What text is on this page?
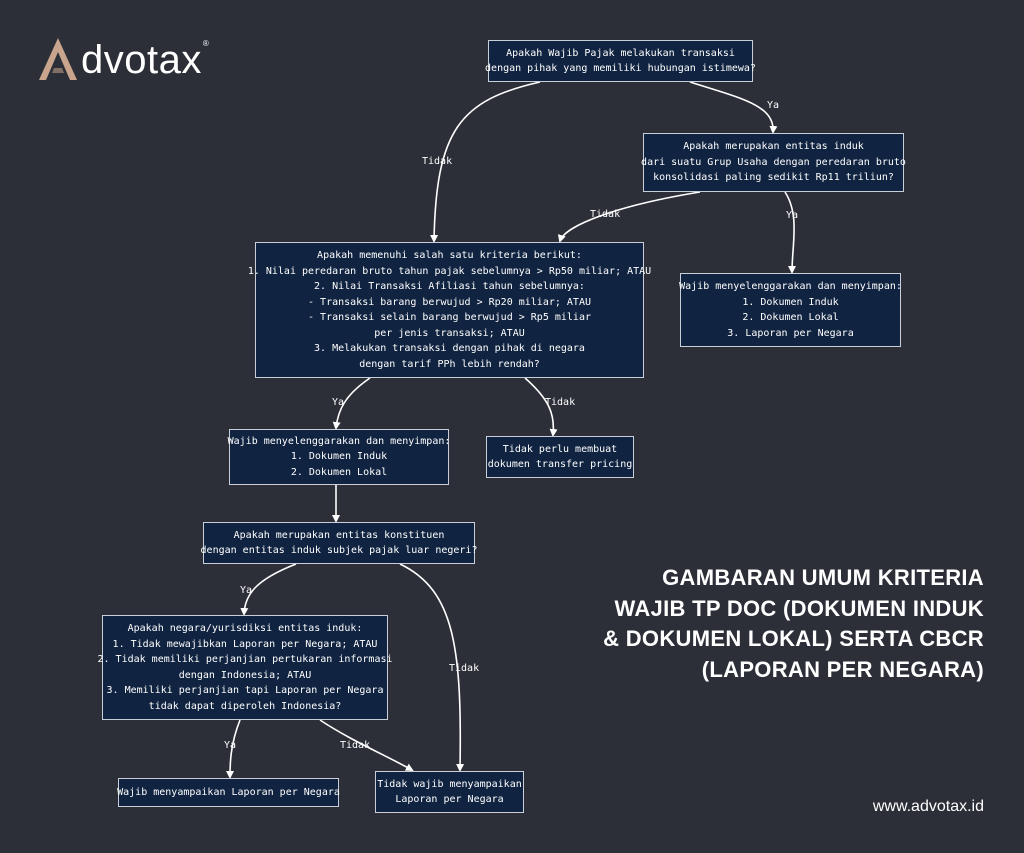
dvotax ®
Ya
Tidak
Tidak	Ya
Ya	Tidak
Ya
Tidak
Ya	Tidak
Apakah Wajib Pajak melakukan transaksi
dengan pihak yang memiliki hubungan istimewa?
Apakah merupakan entitas induk
dari suatu Grup Usaha dengan peredaran bruto
konsolidasi paling sedikit Rp11 triliun?
Wajib menyelenggarakan dan menyimpan:
1. Dokumen Induk
2. Dokumen Lokal
3. Laporan per Negara
Apakah memenuhi salah satu kriteria berikut:
1. Nilai peredaran bruto tahun pajak sebelumnya > Rp50 miliar; ATAU
2. Nilai Transaksi Afiliasi tahun sebelumnya:
- Transaksi barang berwujud > Rp20 miliar; ATAU
- Transaksi selain barang berwujud > Rp5 miliar
per jenis transaksi; ATAU
3. Melakukan transaksi dengan pihak di negara
dengan tarif PPh lebih rendah?
Wajib menyelenggarakan dan menyimpan:
1. Dokumen Induk
2. Dokumen Lokal
Tidak perlu membuat
dokumen transfer pricing
Apakah merupakan entitas konstituen
dengan entitas induk subjek pajak luar negeri?
Apakah negara/yurisdiksi entitas induk:
1. Tidak mewajibkan Laporan per Negara; ATAU
2. Tidak memiliki perjanjian pertukaran informasi
dengan Indonesia; ATAU
3. Memiliki perjanjian tapi Laporan per Negara
tidak dapat diperoleh Indonesia?
Wajib menyampaikan Laporan per Negara
Tidak wajib menyampaikan
Laporan per Negara
GAMBARAN UMUM KRITERIA
WAJIB TP DOC (DOKUMEN INDUK
& DOKUMEN LOKAL) SERTA CBCR
(LAPORAN PER NEGARA)
www.advotax.id
